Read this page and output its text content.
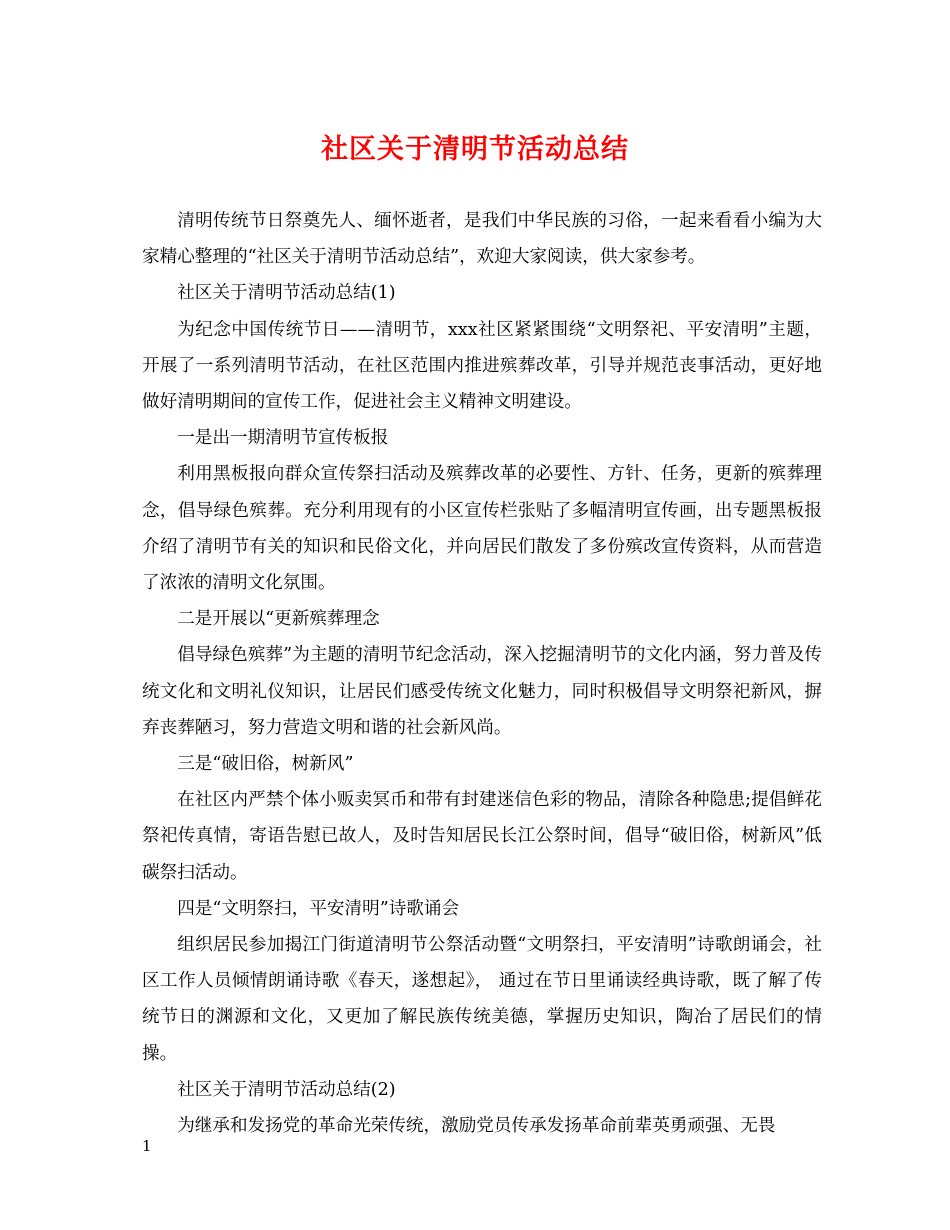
社区关于清明节活动总结

清明传统节日祭奠先人、缅怀逝者，是我们中华民族的习俗，一起来看看小编为大家精心整理的“社区关于清明节活动总结”，欢迎大家阅读，供大家参考。

社区关于清明节活动总结(1)

为纪念中国传统节日——清明节，xxx社区紧紧围绕“文明祭祀、平安清明”主题，开展了一系列清明节活动，在社区范围内推进殡葬改革，引导并规范丧事活动，更好地做好清明期间的宣传工作，促进社会主义精神文明建设。

一是出一期清明节宣传板报

利用黑板报向群众宣传祭扫活动及殡葬改革的必要性、方针、任务，更新的殡葬理念，倡导绿色殡葬。充分利用现有的小区宣传栏张贴了多幅清明宣传画，出专题黑板报介绍了清明节有关的知识和民俗文化，并向居民们散发了多份殡改宣传资料，从而营造了浓浓的清明文化氛围。

二是开展以“更新殡葬理念

倡导绿色殡葬”为主题的清明节纪念活动，深入挖掘清明节的文化内涵，努力普及传统文化和文明礼仪知识，让居民们感受传统文化魅力，同时积极倡导文明祭祀新风，摒弃丧葬陋习，努力营造文明和谐的社会新风尚。

三是“破旧俗，树新风”

在社区内严禁个体小贩卖冥币和带有封建迷信色彩的物品，清除各种隐患;提倡鲜花祭祀传真情，寄语告慰已故人，及时告知居民长江公祭时间，倡导“破旧俗，树新风”低碳祭扫活动。

四是“文明祭扫，平安清明”诗歌诵会

组织居民参加揭江门街道清明节公祭活动暨“文明祭扫，平安清明”诗歌朗诵会，社区工作人员倾情朗诵诗歌《春天，遂想起》， 通过在节日里诵读经典诗歌，既了解了传统节日的渊源和文化，又更加了解民族传统美德，掌握历史知识，陶冶了居民们的情操。

社区关于清明节活动总结(2)

为继承和发扬党的革命光荣传统，激励党员传承发扬革命前辈英勇顽强、无畏

1
